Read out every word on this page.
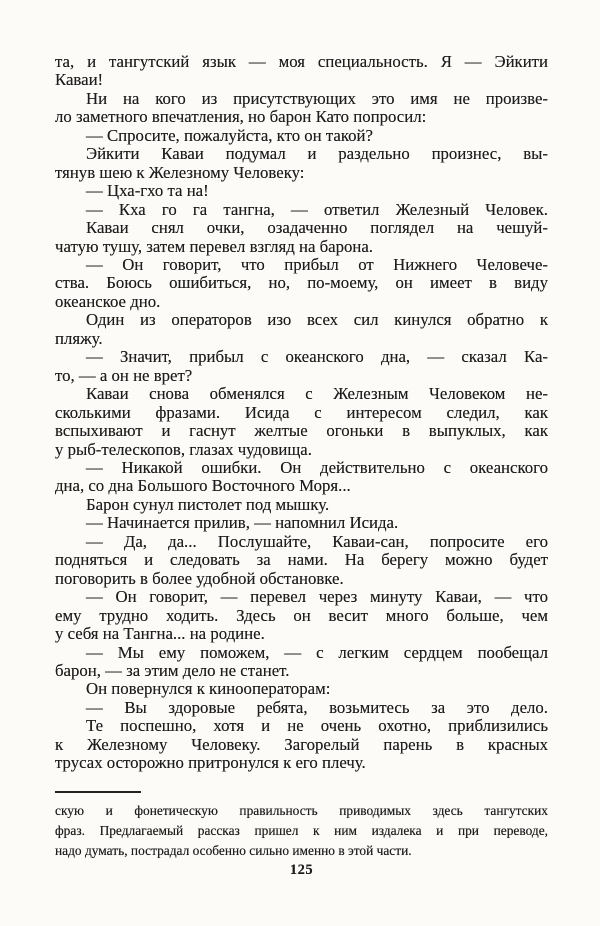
та, и тангутский язык — моя специальность. Я — Эйкити
Каваи!
Ни на кого из присутствующих это имя не произве-
ло заметного впечатления, но барон Като попросил:
— Спросите, пожалуйста, кто он такой?
Эйкити Каваи подумал и раздельно произнес, вы-
тянув шею к Железному Человеку:
— Цха-гхо та на!
— Кха го га тангна, — ответил Железный Человек.
Каваи снял очки, озадаченно поглядел на чешуй-
чатую тушу, затем перевел взгляд на барона.
— Он говорит, что прибыл от Нижнего Человече-
ства. Боюсь ошибиться, но, по-моему, он имеет в виду
океанское дно.
Один из операторов изо всех сил кинулся обратно к
пляжу.
— Значит, прибыл с океанского дна, — сказал Ка-
то, — а он не врет?
Каваи снова обменялся с Железным Человеком не-
сколькими фразами. Исида с интересом следил, как
вспыхивают и гаснут желтые огоньки в выпуклых, как
у рыб-телескопов, глазах чудовища.
— Никакой ошибки. Он действительно с океанского
дна, со дна Большого Восточного Моря...
Барон сунул пистолет под мышку.
— Начинается прилив, — напомнил Исида.
— Да, да... Послушайте, Каваи-сан, попросите его
подняться и следовать за нами. На берегу можно будет
поговорить в более удобной обстановке.
— Он говорит, — перевел через минуту Каваи, — что
ему трудно ходить. Здесь он весит много больше, чем
у себя на Тангна... на родине.
— Мы ему поможем, — с легким сердцем пообещал
барон, — за этим дело не станет.
Он повернулся к кинооператорам:
— Вы здоровые ребята, возьмитесь за это дело.
Те поспешно, хотя и не очень охотно, приблизились
к Железному Человеку. Загорелый парень в красных
трусах осторожно притронулся к его плечу.
скую и фонетическую правильность приводимых здесь тангутских
фраз. Предлагаемый рассказ пришел к ним издалека и при переводе,
надо думать, пострадал особенно сильно именно в этой части.
125
